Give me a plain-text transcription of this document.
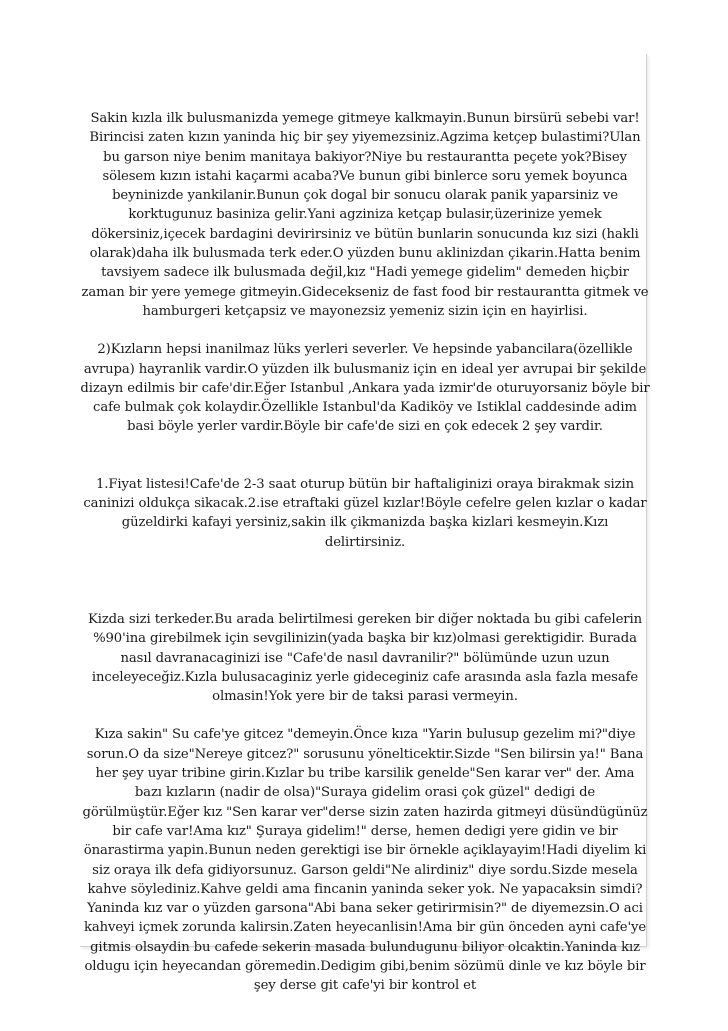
Sakin kızla ilk bulusmanizda yemege gitmeye kalkmayin.Bunun birsürü sebebi var! Birincisi zaten kızın yaninda hiç bir şey yiyemezsiniz.Agzima ketçep bulastimi?Ulan bu garson niye benim manitaya bakiyor?Niye bu restaurantta peçete yok?Bisey sölesem kızın istahi kaçarmi acaba?Ve bunun gibi binlerce soru yemek boyunca beyninizde yankilanir.Bunun çok dogal bir sonucu olarak panik yaparsiniz ve korktugunuz basiniza gelir.Yani agziniza ketçap bulasir,üzerinize yemek dökersiniz,içecek bardagini devirirsiniz ve bütün bunlarin sonucunda kız sizi (hakli olarak)daha ilk bulusmada terk eder.O yüzden bunu aklinizdan çikarin.Hatta benim tavsiyem sadece ilk bulusmada değil,kız "Hadi yemege gidelim" demeden hiçbir zaman bir yere yemege gitmeyin.Gidecekseniz de fast food bir restaurantta gitmek ve hamburgeri ketçapsiz ve mayonezsiz yemeniz sizin için en hayirlisi.

2)Kızların hepsi inanilmaz lüks yerleri severler. Ve hepsinde yabancilara(özellikle avrupa) hayranlik vardir.O yüzden ilk bulusmaniz için en ideal yer avrupai bir şekilde dizayn edilmis bir cafe'dir.Eğer Istanbul ,Ankara yada izmir'de oturuyorsaniz böyle bir cafe bulmak çok kolaydir.Özellikle Istanbul'da Kadiköy ve Istiklal caddesinde adim basi böyle yerler vardir.Böyle bir cafe'de sizi en çok edecek 2 şey vardir.

1.Fiyat listesi!Cafe'de 2-3 saat oturup bütün bir haftaliginizi oraya birakmak sizin caninizi oldukça sikacak.2.ise etraftaki güzel kızlar!Böyle cefelre gelen kızlar o kadar güzeldirki kafayi yersiniz,sakin ilk çikmanizda başka kizlari kesmeyin.Kızı delirtirsiniz.

Kizda sizi terkeder.Bu arada belirtilmesi gereken bir diğer noktada bu gibi cafelerin %90'ina girebilmek için sevgilinizin(yada başka bir kız)olmasi gerektigidir. Burada nasıl davranacaginizi ise "Cafe'de nasıl davranilir?" bölümünde uzun uzun inceleyeceğiz.Kızla bulusacaginiz yerle gideceginiz cafe arasında asla fazla mesafe olmasin!Yok yere bir de taksi parasi vermeyin.

Kıza sakin" Su cafe'ye gitcez "demeyin.Önce kıza "Yarin bulusup gezelim mi?"diye sorun.O da size"Nereye gitcez?" sorusunu yönelticektir.Sizde "Sen bilirsin ya!" Bana her şey uyar tribine girin.Kızlar bu tribe karsilik genelde"Sen karar ver" der. Ama bazı kızların (nadir de olsa)"Suraya gidelim orasi çok güzel" dedigi de görülmüştür.Eğer kız "Sen karar ver"derse sizin zaten hazirda gitmeyi düsündügünüz bir cafe var!Ama kız" Şuraya gidelim!" derse, hemen dedigi yere gidin ve bir önarastirma yapin.Bunun neden gerektigi ise bir örnekle açiklayayim!Hadi diyelim ki siz oraya ilk defa gidiyorsunuz. Garson geldi"Ne alirdiniz" diye sordu.Sizde mesela kahve söylediniz.Kahve geldi ama fincanin yaninda seker yok. Ne yapacaksin simdi? Yaninda kız var o yüzden garsona"Abi bana seker getirirmisin?" de diyemezsin.O aci kahveyi içmek zorunda kalirsin.Zaten heyecanlisin!Ama bir gün önceden ayni cafe'ye gitmis olsaydin bu cafede sekerin masada bulundugunu biliyor olcaktin.Yaninda kız oldugu için heyecandan göremedin.Dedigim gibi,benim sözümü dinle ve kız böyle bir şey derse git cafe'yi bir kontrol et
